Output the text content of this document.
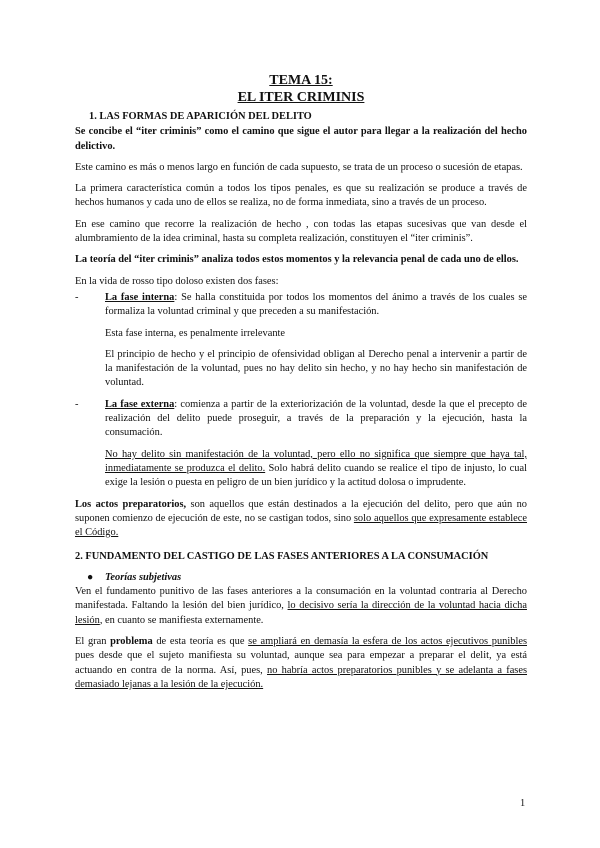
TEMA 15:
EL ITER CRIMINIS
1. LAS FORMAS DE APARICIÓN DEL DELITO

Se concibe el “iter criminis” como el camino que sigue el autor para llegar a la realización del hecho delictivo.

Este camino es más o menos largo en función de cada supuesto, se trata de un proceso o sucesión de etapas.

La primera característica común a todos los tipos penales, es que su realización se produce a través de hechos humanos y cada uno de ellos se realiza, no de forma inmediata, sino a través de un proceso.

En ese camino que recorre la realización de hecho , con todas las etapas sucesivas que van desde el alumbramiento de la idea criminal, hasta su completa realización, constituyen el “iter criminis”.

La teoría del “iter criminis” analiza todos estos momentos y la relevancia penal de cada uno de ellos.

En la vida de rosso tipo doloso existen dos fases:

-	La fase interna: Se halla constituida por todos los momentos del ánimo a través de los cuales se formaliza la voluntad criminal y que preceden a su manifestación.

Esta fase interna, es penalmente irrelevante

El principio de hecho y el principio de ofensividad obligan al Derecho penal a intervenir a partir de la manifestación de la voluntad, pues no hay delito sin hecho, y no hay hecho sin manifestación de voluntad.

-	La fase externa: comienza a partir de la exteriorización de la voluntad, desde la que el precepto de realización del delito puede proseguir, a través de la preparación y la ejecución, hasta la consumación.

No hay delito sin manifestación de la voluntad, pero ello no significa que siempre que haya tal, inmediatamente se produzca el delito. Solo habrá delito cuando se realice el tipo de injusto, lo cual exige la lesión o puesta en peligro de un bien jurídico y la actitud dolosa o imprudente.

Los actos preparatorios, son aquellos que están destinados a la ejecución del delito, pero que aún no suponen comienzo de ejecución de este, no se castigan todos, sino solo aquellos que expresamente establece el Código.

2. FUNDAMENTO DEL CASTIGO DE LAS FASES ANTERIORES A LA CONSUMACIÓN

● Teorías subjetivas

Ven el fundamento punitivo de las fases anteriores a la consumación en la voluntad contraria al Derecho manifestada. Faltando la lesión del bien jurídico, lo decisivo sería la dirección de la voluntad hacia dicha lesión, en cuanto se manifiesta externamente.

El gran problema de esta teoría es que se ampliará en demasía la esfera de los actos ejecutivos punibles pues desde que el sujeto manifiesta su voluntad, aunque sea para empezar a preparar el delit, ya está actuando en contra de la norma. Así, pues, no habría actos preparatorios punibles y se adelanta a fases demasiado lejanas a la lesión de la ejecución.

1
